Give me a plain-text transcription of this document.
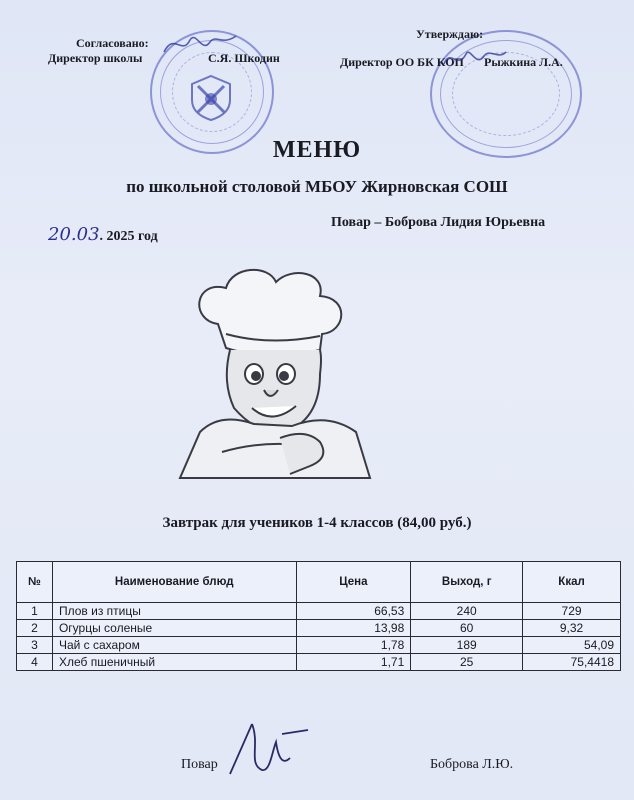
Согласовано:
Директор школы	С.Я. Шкодин
Утверждаю:
Директор ОО БК КОП Рыжкина Л.А.
МЕНЮ
по школьной столовой МБОУ Жирновская СОШ
20.03. 2025 год
Повар – Боброва Лидия Юрьевна
Завтрак для учеников 1-4 классов (84,00 руб.)
№	Наименование блюд	Цена	Выход, г	Ккал
1	Плов из птицы	66,53	240	729
2	Огурцы соленые	13,98	60	9,32
3	Чай с сахаром	1,78	189	54,09
4	Хлеб пшеничный	1,71	25	75,4418
Повар	Боброва Л.Ю.
